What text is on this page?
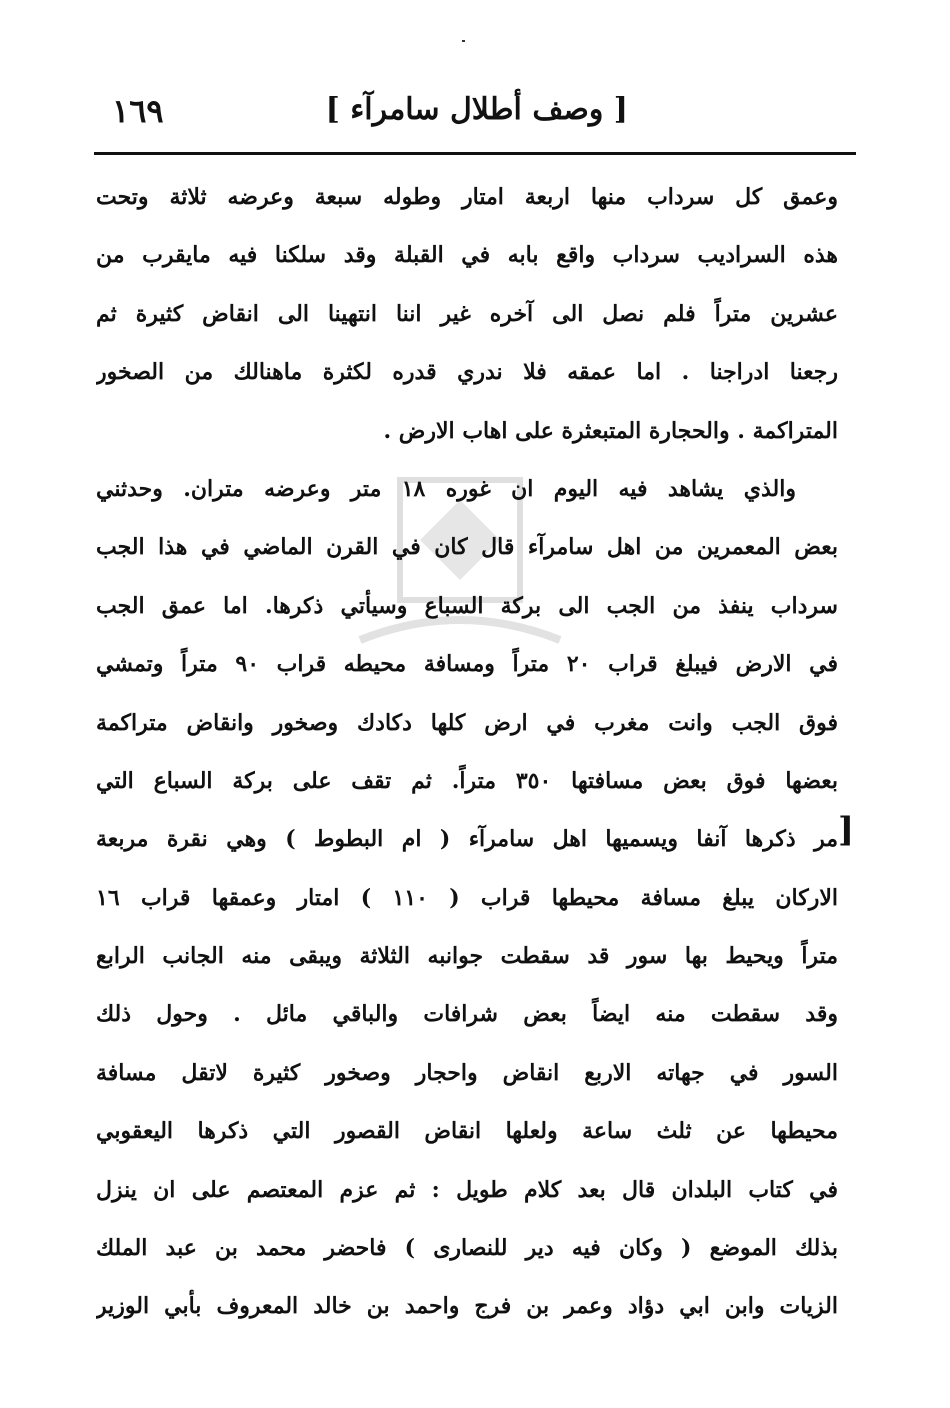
١٦٩	[ وصف أطلال سامرآء ]
وعمق كل سرداب منها اربعة امتار وطوله سبعة وعرضه ثلاثة وتحت
هذه السراديب سرداب واقع بابه في القبلة وقد سلكنا فيه مايقرب من
عشرين متراً فلم نصل الى آخره غير اننا انتهينا الى انقاض كثيرة ثم
رجعنا ادراجنا . اما عمقه فلا ندري قدره لكثرة ماهنالك من الصخور
المتراكمة . والحجارة المتبعثرة على اهاب الارض .
والذي يشاهد فيه اليوم ان غوره ١٨ متر وعرضه متران. وحدثني
بعض المعمرين من اهل سامرآء قال كان في القرن الماضي في هذا الجب
سرداب ينفذ من الجب الى بركة السباع وسيأتي ذكرها. اما عمق الجب
في الارض فيبلغ قراب ٢٠ متراً ومسافة محيطه قراب ٩٠ متراً وتمشي
فوق الجب وانت مغرب في ارض كلها دكادك وصخور وانقاض متراكمة
بعضها فوق بعض مسافتها ٣٥٠ متراً. ثم تقف على بركة السباع التي
مر ذكرها آنفا ويسميها اهل سامرآء ( ام البطوط ) وهي نقرة مربعة
الاركان يبلغ مسافة محيطها قراب ( ١١٠ ) امتار وعمقها قراب ١٦
متراً ويحيط بها سور قد سقطت جوانبه الثلاثة ويبقى منه الجانب الرابع
وقد سقطت منه ايضاً بعض شرافات والباقي مائل . وحول ذلك
السور في جهاته الاربع انقاض واحجار وصخور كثيرة لاتقل مسافة
محيطها عن ثلث ساعة ولعلها انقاض القصور التي ذكرها اليعقوبي
في كتاب البلدان قال بعد كلام طويل : ثم عزم المعتصم على ان ينزل
بذلك الموضع ( وكان فيه دير للنصارى ) فاحضر محمد بن عبد الملك
الزيات وابن ابي دؤاد وعمر بن فرج واحمد بن خالد المعروف بأبي الوزير
]
